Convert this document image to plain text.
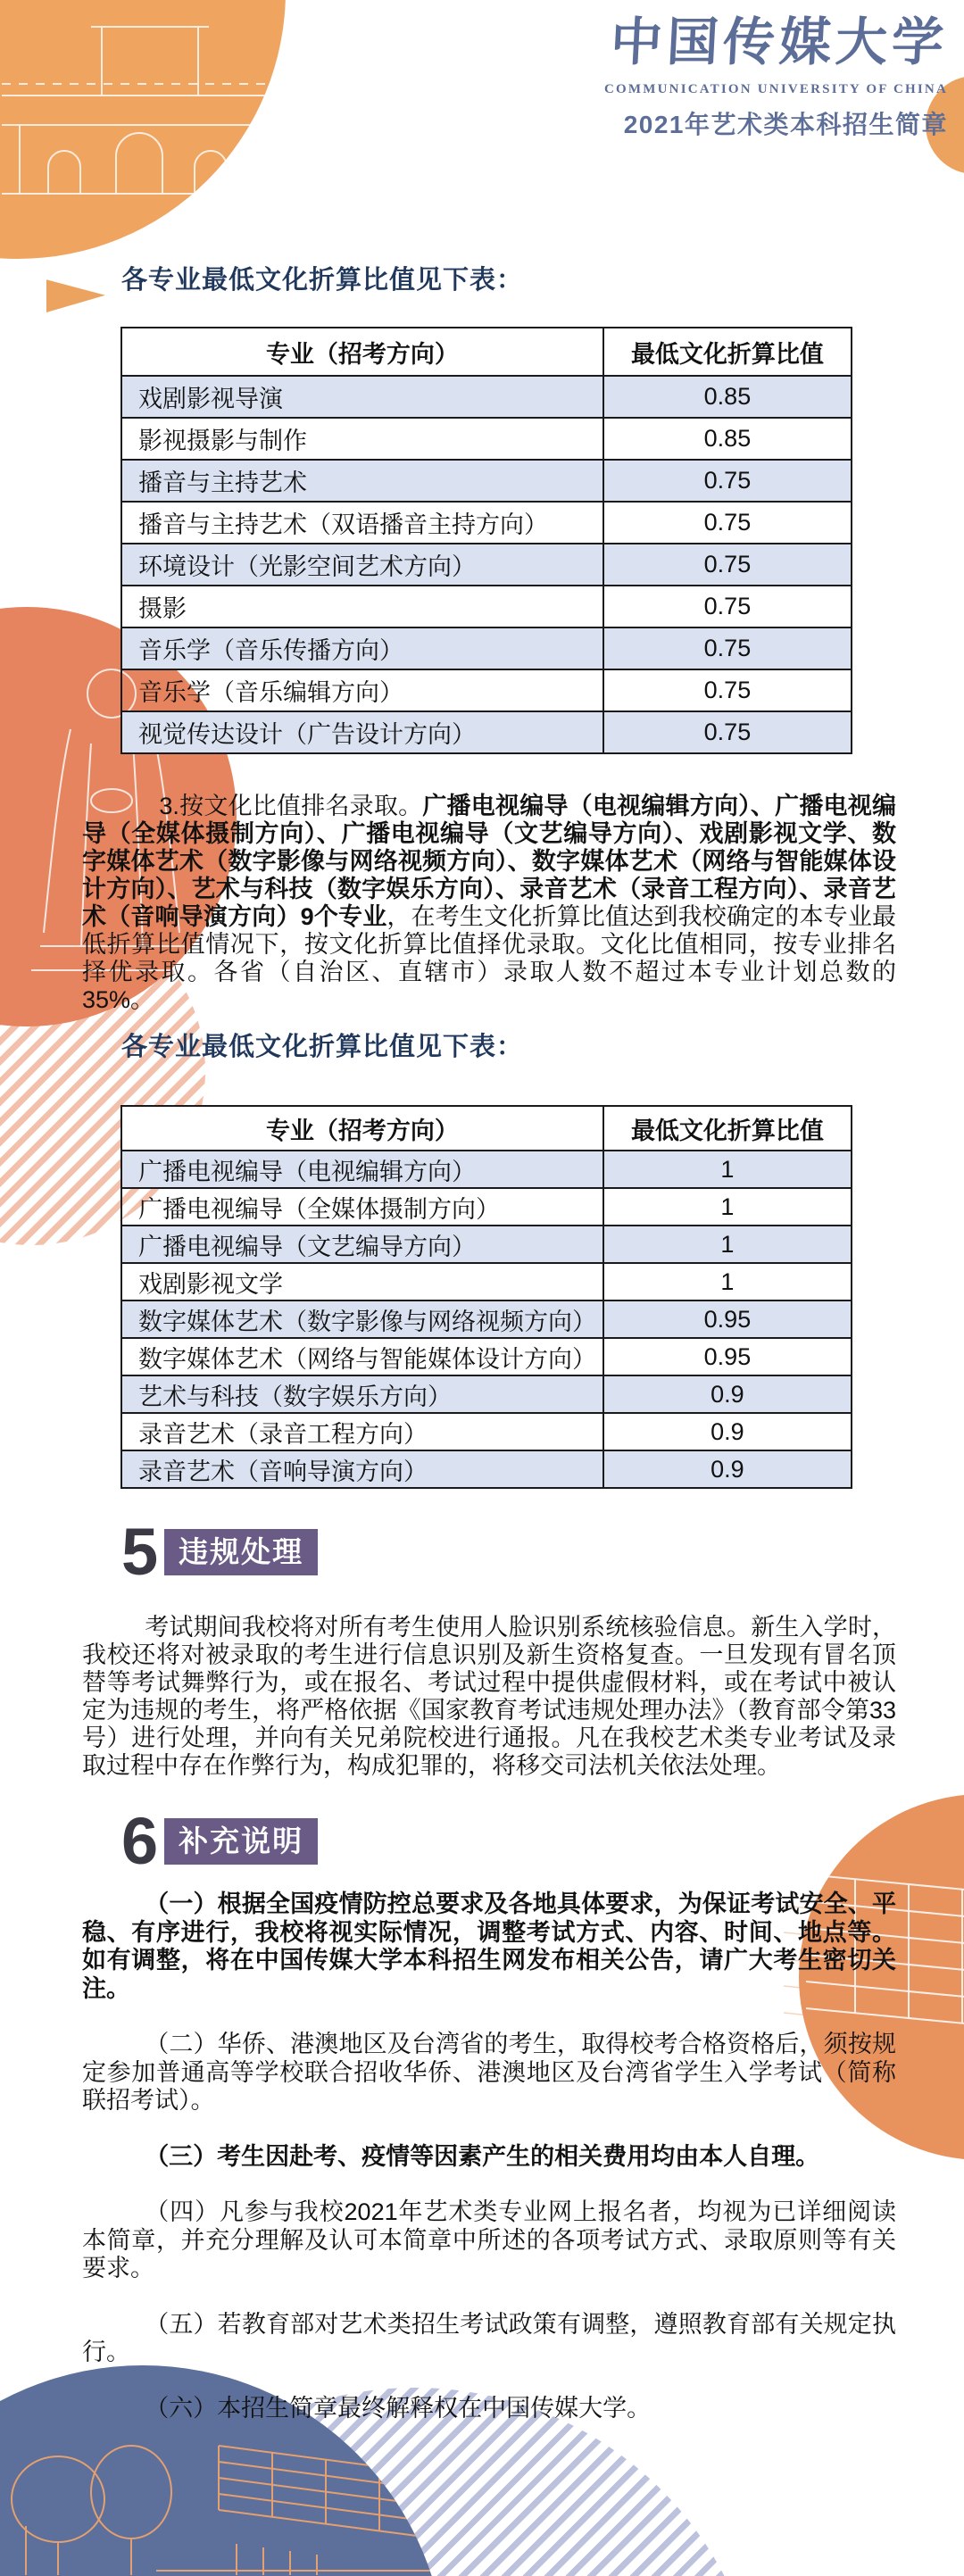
中国传媒大学
COMMUNICATION UNIVERSITY OF CHINA
2021年艺术类本科招生简章
各专业最低文化折算比值见下表：
专业（招考方向）	最低文化折算比值
戏剧影视导演	0.85
影视摄影与制作	0.85
播音与主持艺术	0.75
播音与主持艺术（双语播音主持方向）	0.75
环境设计（光影空间艺术方向）	0.75
摄影	0.75
音乐学（音乐传播方向）	0.75
音乐学（音乐编辑方向）	0.75
视觉传达设计（广告设计方向）	0.75
3.按文化比值排名录取。广播电视编导（电视编辑方向）、广播电视编导（全媒体摄制方向）、广播电视编导（文艺编导方向）、戏剧影视文学、数字媒体艺术（数字影像与网络视频方向）、数字媒体艺术（网络与智能媒体设计方向）、艺术与科技（数字娱乐方向）、录音艺术（录音工程方向）、录音艺术（音响导演方向）9个专业，在考生文化折算比值达到我校确定的本专业最低折算比值情况下，按文化折算比值择优录取。文化比值相同，按专业排名择优录取。各省（自治区、直辖市）录取人数不超过本专业计划总数的35%。
各专业最低文化折算比值见下表：
专业（招考方向）	最低文化折算比值
广播电视编导（电视编辑方向）	1
广播电视编导（全媒体摄制方向）	1
广播电视编导（文艺编导方向）	1
戏剧影视文学	1
数字媒体艺术（数字影像与网络视频方向）	0.95
数字媒体艺术（网络与智能媒体设计方向）	0.95
艺术与科技（数字娱乐方向）	0.9
录音艺术（录音工程方向）	0.9
录音艺术（音响导演方向）	0.9
5 违规处理
考试期间我校将对所有考生使用人脸识别系统核验信息。新生入学时，我校还将对被录取的考生进行信息识别及新生资格复查。一旦发现有冒名顶替等考试舞弊行为，或在报名、考试过程中提供虚假材料，或在考试中被认定为违规的考生，将严格依据《国家教育考试违规处理办法》（教育部令第33号）进行处理，并向有关兄弟院校进行通报。凡在我校艺术类专业考试及录取过程中存在作弊行为，构成犯罪的，将移交司法机关依法处理。
6 补充说明
（一）根据全国疫情防控总要求及各地具体要求，为保证考试安全、平稳、有序进行，我校将视实际情况，调整考试方式、内容、时间、地点等。如有调整，将在中国传媒大学本科招生网发布相关公告，请广大考生密切关注。
（二）华侨、港澳地区及台湾省的考生，取得校考合格资格后，须按规定参加普通高等学校联合招收华侨、港澳地区及台湾省学生入学考试（简称联招考试）。
（三）考生因赴考、疫情等因素产生的相关费用均由本人自理。
（四）凡参与我校2021年艺术类专业网上报名者，均视为已详细阅读本简章，并充分理解及认可本简章中所述的各项考试方式、录取原则等有关要求。
（五）若教育部对艺术类招生考试政策有调整，遵照教育部有关规定执行。
（六）本招生简章最终解释权在中国传媒大学。
